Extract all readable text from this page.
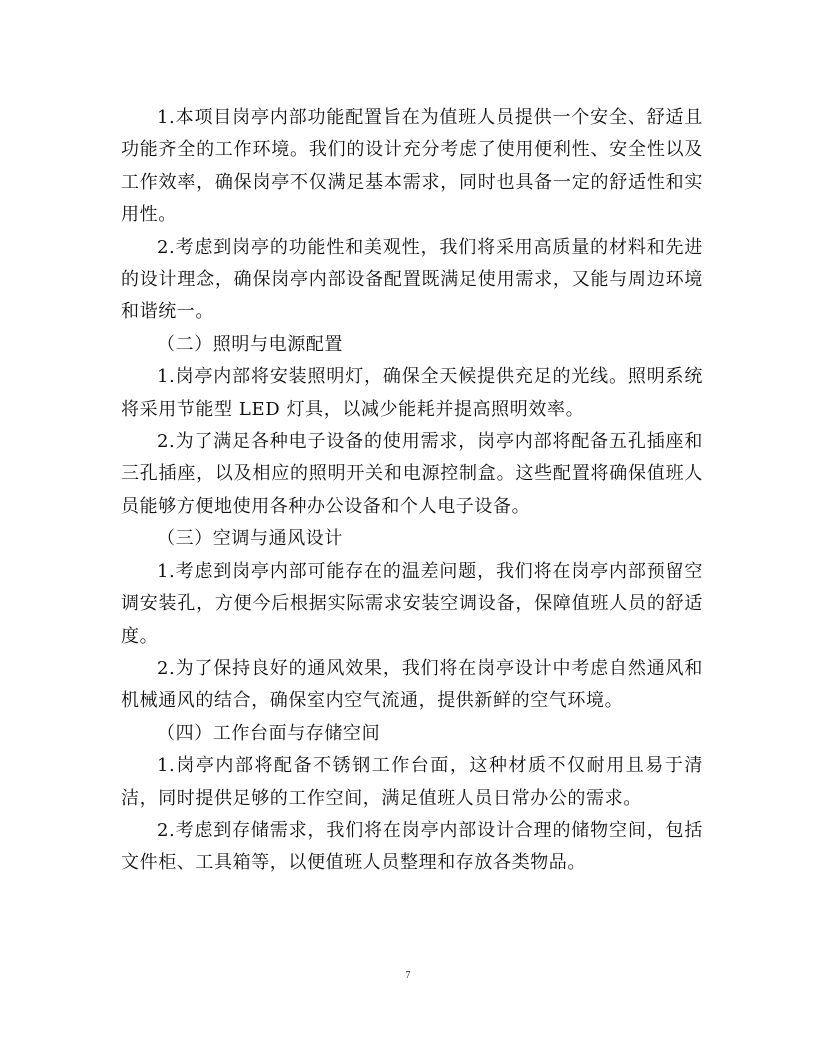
1.本项目岗亭内部功能配置旨在为值班人员提供一个安全、舒适且功能齐全的工作环境。我们的设计充分考虑了使用便利性、安全性以及工作效率，确保岗亭不仅满足基本需求，同时也具备一定的舒适性和实用性。

2.考虑到岗亭的功能性和美观性，我们将采用高质量的材料和先进的设计理念，确保岗亭内部设备配置既满足使用需求，又能与周边环境和谐统一。

（二）照明与电源配置

1.岗亭内部将安装照明灯，确保全天候提供充足的光线。照明系统将采用节能型 LED 灯具，以减少能耗并提高照明效率。

2.为了满足各种电子设备的使用需求，岗亭内部将配备五孔插座和三孔插座，以及相应的照明开关和电源控制盒。这些配置将确保值班人员能够方便地使用各种办公设备和个人电子设备。

（三）空调与通风设计

1.考虑到岗亭内部可能存在的温差问题，我们将在岗亭内部预留空调安装孔，方便今后根据实际需求安装空调设备，保障值班人员的舒适度。

2.为了保持良好的通风效果，我们将在岗亭设计中考虑自然通风和机械通风的结合，确保室内空气流通，提供新鲜的空气环境。

（四）工作台面与存储空间

1.岗亭内部将配备不锈钢工作台面，这种材质不仅耐用且易于清洁，同时提供足够的工作空间，满足值班人员日常办公的需求。

2.考虑到存储需求，我们将在岗亭内部设计合理的储物空间，包括文件柜、工具箱等，以便值班人员整理和存放各类物品。

7
